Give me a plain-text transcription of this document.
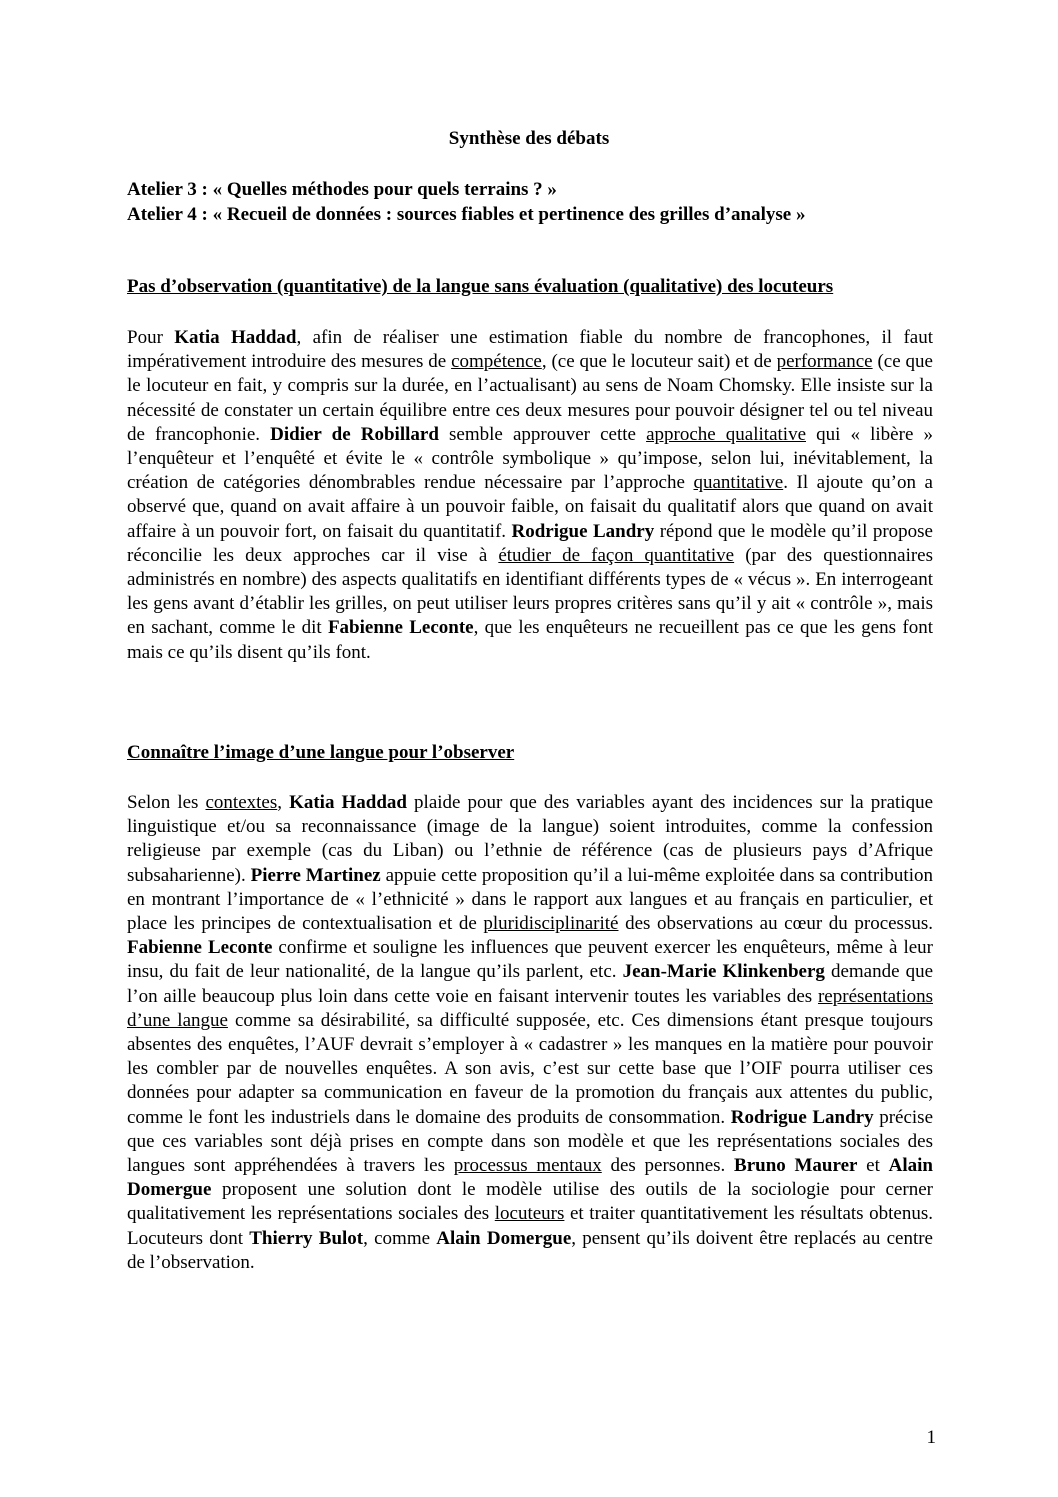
Synthèse des débats
Atelier 3 : « Quelles méthodes pour quels terrains ? »
Atelier 4 : « Recueil de données : sources fiables et pertinence des grilles d’analyse »
Pas d’observation (quantitative) de la langue sans évaluation (qualitative) des locuteurs

Pour Katia Haddad, afin de réaliser une estimation fiable du nombre de francophones, il faut impérativement introduire des mesures de compétence, (ce que le locuteur sait) et de performance (ce que le locuteur en fait, y compris sur la durée, en l’actualisant) au sens de Noam Chomsky. Elle insiste sur la nécessité de constater un certain équilibre entre ces deux mesures pour pouvoir désigner tel ou tel niveau de francophonie. Didier de Robillard semble approuver cette approche qualitative qui « libère » l’enquêteur et l’enquêté et évite le « contrôle symbolique » qu’impose, selon lui, inévitablement, la création de catégories dénombrables rendue nécessaire par l’approche quantitative. Il ajoute qu’on a observé que, quand on avait affaire à un pouvoir faible, on faisait du qualitatif alors que quand on avait affaire à un pouvoir fort, on faisait du quantitatif. Rodrigue Landry répond que le modèle qu’il propose réconcilie les deux approches car il vise à étudier de façon quantitative (par des questionnaires administrés en nombre) des aspects qualitatifs en identifiant différents types de « vécus ». En interrogeant les gens avant d’établir les grilles, on peut utiliser leurs propres critères sans qu’il y ait « contrôle », mais en sachant, comme le dit Fabienne Leconte, que les enquêteurs ne recueillent pas ce que les gens font mais ce qu’ils disent qu’ils font.

Connaître l’image d’une langue pour l’observer

Selon les contextes, Katia Haddad plaide pour que des variables ayant des incidences sur la pratique linguistique et/ou sa reconnaissance (image de la langue) soient introduites, comme la confession religieuse par exemple (cas du Liban) ou l’ethnie de référence (cas de plusieurs pays d’Afrique subsaharienne). Pierre Martinez appuie cette proposition qu’il a lui-même exploitée dans sa contribution en montrant l’importance de « l’ethnicité » dans le rapport aux langues et au français en particulier, et place les principes de contextualisation et de pluridisciplinarité des observations au cœur du processus. Fabienne Leconte confirme et souligne les influences que peuvent exercer les enquêteurs, même à leur insu, du fait de leur nationalité, de la langue qu’ils parlent, etc. Jean-Marie Klinkenberg demande que l’on aille beaucoup plus loin dans cette voie en faisant intervenir toutes les variables des représentations d’une langue comme sa désirabilité, sa difficulté supposée, etc. Ces dimensions étant presque toujours absentes des enquêtes, l’AUF devrait s’employer à « cadastrer » les manques en la matière pour pouvoir les combler par de nouvelles enquêtes. A son avis, c’est sur cette base que l’OIF pourra utiliser ces données pour adapter sa communication en faveur de la promotion du français aux attentes du public, comme le font les industriels dans le domaine des produits de consommation. Rodrigue Landry précise que ces variables sont déjà prises en compte dans son modèle et que les représentations sociales des langues sont appréhendées à travers les processus mentaux des personnes. Bruno Maurer et Alain Domergue proposent une solution dont le modèle utilise des outils de la sociologie pour cerner qualitativement les représentations sociales des locuteurs et traiter quantitativement les résultats obtenus. Locuteurs dont Thierry Bulot, comme Alain Domergue, pensent qu’ils doivent être replacés au centre de l’observation.

1
